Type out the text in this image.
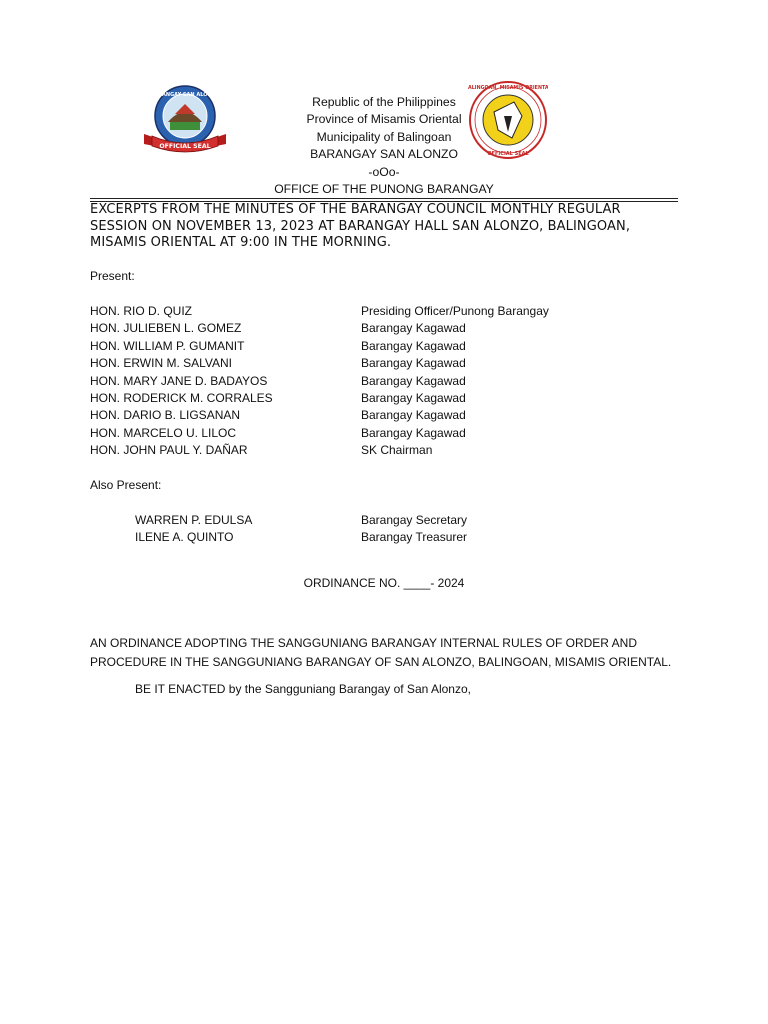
BARANGAY SAN ALONZO
OFFICIAL SEAL
Republic of the Philippines
Province of Misamis Oriental
Municipality of Balingoan
BARANGAY SAN ALONZO
-oOo-
OFFICE OF THE PUNONG BARANGAY
BALINGOAN, MISAMIS ORIENTAL
OFFICIAL SEAL
EXCERPTS FROM THE MINUTES OF THE BARANGAY COUNCIL MONTHLY REGULAR
SESSION ON NOVEMBER 13, 2023 AT BARANGAY HALL SAN ALONZO, BALINGOAN,
MISAMIS ORIENTAL AT 9:00 IN THE MORNING.
Present:
HON. RIO D. QUIZ	Presiding Officer/Punong Barangay
HON. JULIEBEN L. GOMEZ	Barangay Kagawad
HON. WILLIAM P. GUMANIT	Barangay Kagawad
HON. ERWIN M. SALVANI	Barangay Kagawad
HON. MARY JANE D. BADAYOS	Barangay Kagawad
HON. RODERICK M. CORRALES	Barangay Kagawad
HON. DARIO B. LIGSANAN	Barangay Kagawad
HON. MARCELO U. LILOC	Barangay Kagawad
HON. JOHN PAUL Y. DAÑAR	SK Chairman
Also Present:
WARREN P. EDULSA	Barangay Secretary
ILENE A. QUINTO	Barangay Treasurer
ORDINANCE NO. ____- 2024
AN ORDINANCE ADOPTING THE SANGGUNIANG BARANGAY INTERNAL RULES OF ORDER AND
PROCEDURE IN THE SANGGUNIANG BARANGAY OF SAN ALONZO, BALINGOAN, MISAMIS ORIENTAL.
BE IT ENACTED by the Sangguniang Barangay of San Alonzo,
